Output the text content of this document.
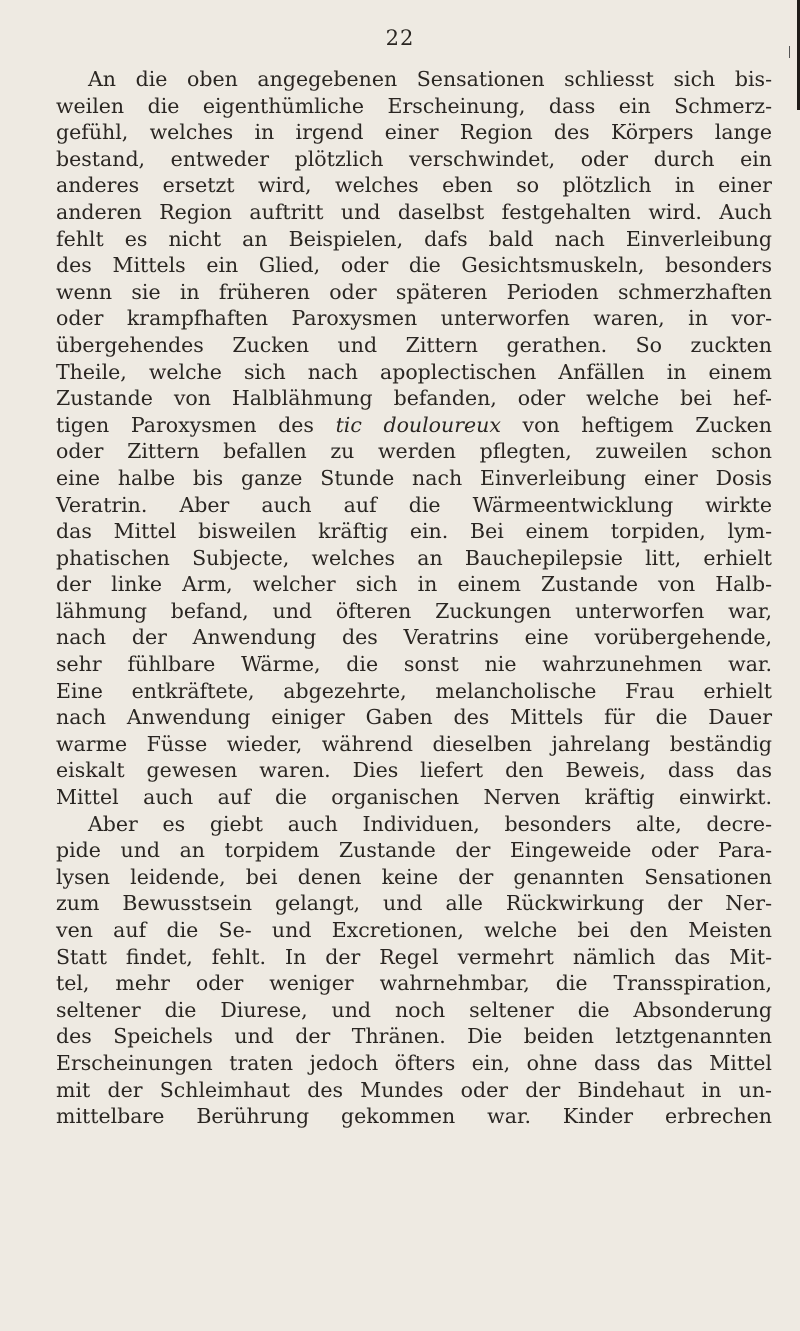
22
An die oben angegebenen Sensationen schliesst sich bis-
weilen die eigenthümliche Erscheinung, dass ein Schmerz-
gefühl, welches in irgend einer Region des Körpers lange
bestand, entweder plötzlich verschwindet, oder durch ein
anderes ersetzt wird, welches eben so plötzlich in einer
anderen Region auftritt und daselbst festgehalten wird. Auch
fehlt es nicht an Beispielen, dafs bald nach Einverleibung
des Mittels ein Glied, oder die Gesichtsmuskeln, besonders
wenn sie in früheren oder späteren Perioden schmerzhaften
oder krampfhaften Paroxysmen unterworfen waren, in vor-
übergehendes Zucken und Zittern gerathen. So zuckten
Theile, welche sich nach apoplectischen Anfällen in einem
Zustande von Halblähmung befanden, oder welche bei hef-
tigen Paroxysmen des tic douloureux von heftigem Zucken
oder Zittern befallen zu werden pflegten, zuweilen schon
eine halbe bis ganze Stunde nach Einverleibung einer Dosis
Veratrin. Aber auch auf die Wärmeentwicklung wirkte
das Mittel bisweilen kräftig ein. Bei einem torpiden, lym-
phatischen Subjecte, welches an Bauchepilepsie litt, erhielt
der linke Arm, welcher sich in einem Zustande von Halb-
lähmung befand, und öfteren Zuckungen unterworfen war,
nach der Anwendung des Veratrins eine vorübergehende,
sehr fühlbare Wärme, die sonst nie wahrzunehmen war.
Eine entkräftete, abgezehrte, melancholische Frau erhielt
nach Anwendung einiger Gaben des Mittels für die Dauer
warme Füsse wieder, während dieselben jahrelang beständig
eiskalt gewesen waren. Dies liefert den Beweis, dass das
Mittel auch auf die organischen Nerven kräftig einwirkt.
Aber es giebt auch Individuen, besonders alte, decre-
pide und an torpidem Zustande der Eingeweide oder Para-
lysen leidende, bei denen keine der genannten Sensationen
zum Bewusstsein gelangt, und alle Rückwirkung der Ner-
ven auf die Se- und Excretionen, welche bei den Meisten
Statt findet, fehlt. In der Regel vermehrt nämlich das Mit-
tel, mehr oder weniger wahrnehmbar, die Transspiration,
seltener die Diurese, und noch seltener die Absonderung
des Speichels und der Thränen. Die beiden letztgenannten
Erscheinungen traten jedoch öfters ein, ohne dass das Mittel
mit der Schleimhaut des Mundes oder der Bindehaut in un-
mittelbare Berührung gekommen war. Kinder erbrechen
